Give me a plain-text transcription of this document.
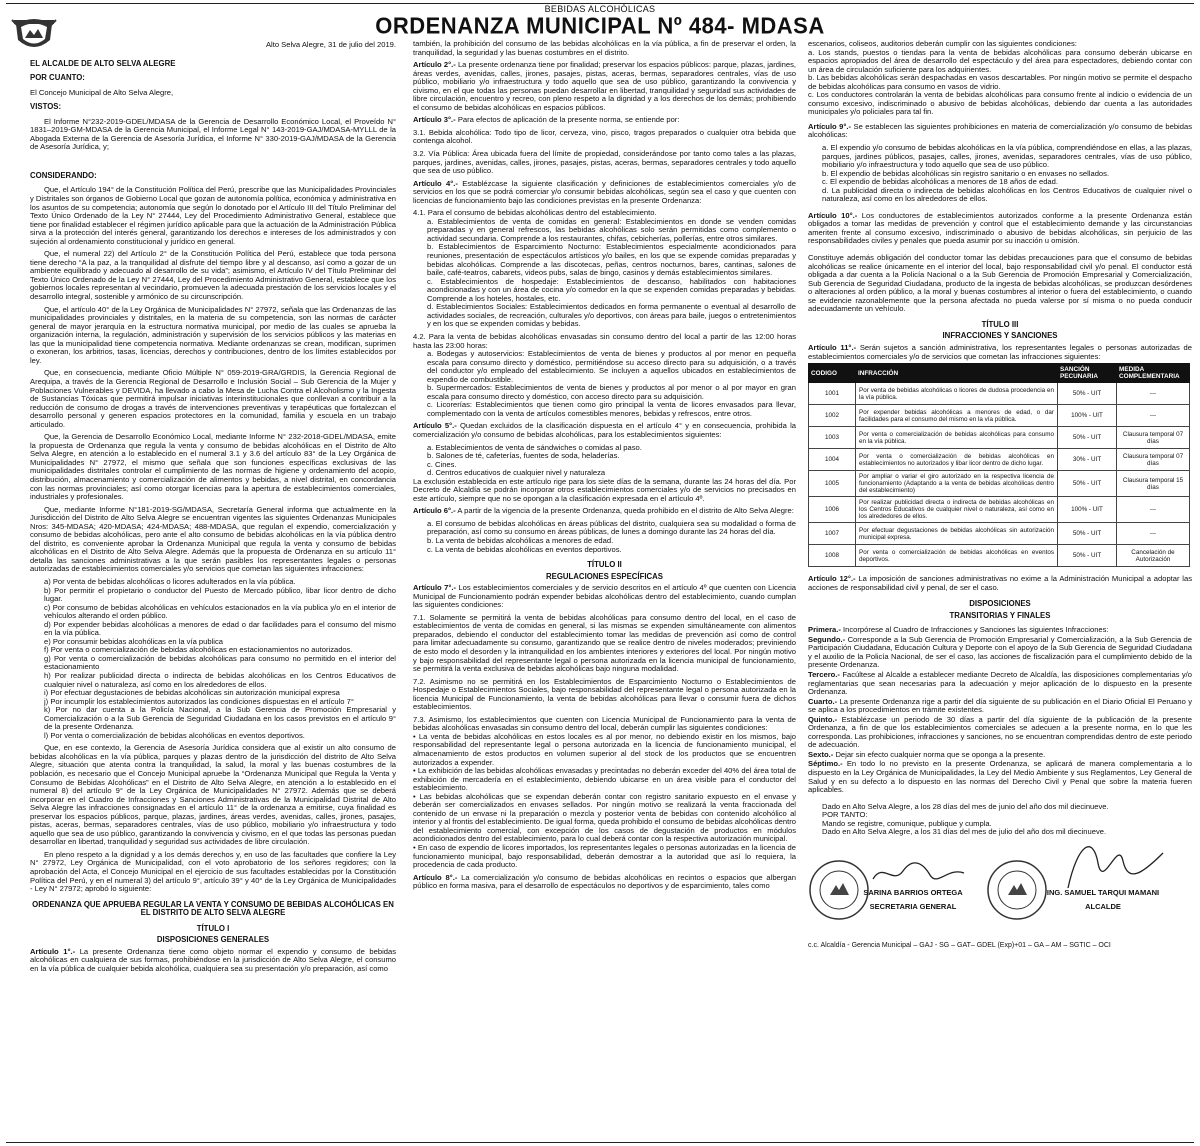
BEBIDAS ALCOHÓLICAS
ORDENANZA MUNICIPAL Nº 484- MDASA
Alto Selva Alegre, 31 de julio del 2019.
EL ALCALDE DE ALTO SELVA ALEGRE
POR CUANTO:

El Concejo Municipal de Alto Selva Alegre,

VISTOS:

El Informe N°232-2019-GDEL/MDASA de la Gerencia de Desarrollo Económico Local, el Proveído N° 1831–2019-GM-MDASA de la Gerencia Municipal, el Informe Legal N° 143-2019-GAJ/MDASA-MYLLL de la Abogada Externa de la Gerencia de Asesoría Jurídica, el Informe N° 330-2019-GAJ/MDASA de la Gerencia de Asesoría Jurídica, y;

CONSIDERANDO:

Que, el Artículo 194° de la Constitución Política del Perú, prescribe que las Municipalidades Provinciales y Distritales son órganos de Gobierno Local que gozan de autonomía política, económica y administrativa en los asuntos de su competencia; autonomía que según lo donotado por el Artículo III del Título Preliminar del Texto Único Ordenado de la Ley N° 27444, Ley del Procedimiento Administrativo General, establece que tiene por finalidad establecer el régimen jurídico aplicable para que la actuación de la Administración Pública sirva a la protección del interés general, garantizando los derechos e intereses de los administrados y con sujeción al ordenamiento constitucional y jurídico en general.

Que, el numeral 22) del Artículo 2° de la Constitución Política del Perú, establece que toda persona tiene derecho “A la paz, a la tranquilidad al disfrute del tiempo libre y al descanso, así como a gozar de un ambiente equilibrado y adecuado al desarrollo de su vida”; asimismo, el Artículo IV del Título Preliminar del Texto Único Ordenado de la Ley N° 27444, Ley del Procedimiento Administrativo General, establece que los gobiernos locales representan al vecindario, promueven la adecuada prestación de los servicios locales y el desarrollo integral, sostenible y armónico de su circunscripción.

Que, el artículo 40° de la Ley Orgánica de Municipalidades N° 27972, señala que las Ordenanzas de las municipalidades provinciales y distritales, en la materia de su competencia, son las normas de carácter general de mayor jerarquía en la estructura normativa municipal, por medio de las cuales se aprueba la organización interna, la regulación, administración y supervisión de los servicios públicos y las materias en las que la municipalidad tiene competencia normativa. Mediante ordenanzas se crean, modifican, suprimen o exoneran, los arbitrios, tasas, licencias, derechos y contribuciones, dentro de los límites establecidos por ley.

Que, en consecuencia, mediante Oficio Múltiple N° 059-2019-GRA/GRDIS, la Gerencia Regional de Arequipa, a través de la Gerencia Regional de Desarrollo e Inclusión Social – Sub Gerencia de la Mujer y Poblaciones Vulnerables y DEVIDA, ha llevado a cabo la Mesa de Lucha Contra el Alcoholismo y la Ingesta de Sustancias Tóxicas que permitirá impulsar iniciativas interinstitucionales que conllevan a contribuir a la reducción de consumo de drogas a través de intervenciones preventivas y terapéuticas que fortalezcan el desarrollo personal y generen espacios protectores en la comunidad, familia y escuela en un trabajo articulado.

Que, la Gerencia de Desarrollo Económico Local, mediante Informe N° 232-2018-GDEL/MDASA, emite la propuesta de Ordenanza que regula la venta y consumo de bebidas alcohólicas en el Distrito de Alto Selva Alegre, en atención a lo establecido en el numeral 3.1 y 3.6 del artículo 83° de la Ley Orgánica de Municipalidades N° 27972, el mismo que señala que son funciones específicas exclusivas de las municipalidades distritales controlar el cumplimiento de las normas de higiene y ordenamiento del acopio, distribución, almacenamiento y comercialización de alimentos y bebidas, a nivel distrital, en concordancia con las normas provinciales; así como otorgar licencias para la apertura de establecimientos comerciales, industriales y profesionales.

Que, mediante Informe N°181-2019-SG/MDASA, Secretaría General informa que actualmente en la Jurisdicción del Distrito de Alto Selva Alegre se encuentran vigentes las siguientes Ordenanzas Municipales Nros: 345-MDASA; 420-MDASA; 424-MDASA; 488-MDASA, que regulan el expendio, comercialización y consumo de bebidas alcohólicas, pero ante el alto consumo de bebidas alcohólicas en la vía pública dentro del distrito, es conveniente aprobar la Ordenanza Municipal que regula la venta y consumo de bebidas alcohólicas en el Distrito de Alto Selva Alegre. Además que la propuesta de Ordenanza en su artículo 11° detalla las sanciones administrativas a la que serán pasibles los representantes legales o personas autorizadas de establecimientos comerciales y/o servicios que cometan las siguientes infracciones:

a) Por venta de bebidas alcohólicas o licores adulterados en la vía pública.
b) Por permitir el propietario o conductor del Puesto de Mercado público, libar licor dentro de dicho lugar.
c) Por consumo de bebidas alcohólicas en vehículos estacionados en la vía publica y/o en el interior de vehículos alterando el orden público.
d) Por expender bebidas alcohólicas a menores de edad o dar facilidades para el consumo del mismo en la vía pública.
e) Por consumir bebidas alcohólicas en la vía publica
f) Por venta o comercialización de bebidas alcohólicas en estacionamientos no autorizados.
g) Por venta o comercialización de bebidas alcohólicas para consumo no permitido en el interior del estacionamiento
h) Por realizar publicidad directa o indirecta de bebidas alcohólicas en los Centros Educativos de cualquier nivel o naturaleza, así como en los alrededores de ellos.
i) Por efectuar degustaciones de bebidas alcohólicas sin autorización municipal expresa
j) Por incumplir los establecimientos autorizados las condiciones dispuestas en el artículo 7°
k) Por no dar cuenta a la Policía Nacional, a la Sub Gerencia de Promoción Empresarial y Comercialización o a la Sub Gerencia de Seguridad Ciudadana en los casos previstos en el artículo 9° de la presente Ordenanza.
l) Por venta o comercialización de bebidas alcohólicas en eventos deportivos.

Que, en ese contexto, la Gerencia de Asesoría Jurídica considera que al existir un alto consumo de bebidas alcohólicas en la vía pública, parques y plazas dentro de la jurisdicción del distrito de Alto Selva Alegre, situación que atenta contra la tranquilidad, la salud, la moral y las buenas costumbres de la población, es necesario que el Concejo Municipal apruebe la “Ordenanza Municipal que Regula la Venta y Consumo de Bebidas Alcohólicas” en el Distrito de Alto Selva Alegre, en atención a lo establecido en el numeral 8) del artículo 9° de la Ley Orgánica de Municipalidades N° 27972. Además que se deberá incorporar en el Cuadro de Infracciones y Sanciones Administrativas de la Municipalidad Distrital de Alto Selva Alegre las infracciones consignadas en el artículo 11° de la ordenanza a emitirse, cuya finalidad es preservar los espacios públicos, parque, plazas, jardines, áreas verdes, avenidas, calles, jirones, pasajes, pistas, aceras, bermas, separadores centrales, vías de uso público, mobiliario y/o infraestructura y todo aquello que sea de uso público, garantizando la convivencia y civismo, en el que todas las personas puedan desarrollar en libertad, tranquilidad y seguridad sus actividades de libre circulación.

En pleno respeto a la dignidad y a los demás derechos y, en uso de las facultades que confiere la Ley N° 27972, Ley Orgánica de Municipalidad, con el voto aprobatorio de los señores regidores; con la aprobación del Acta, el Concejo Municipal en el ejercicio de sus facultades establecidas por la Constitución Política del Perú, y en el numeral 3) del artículo 9°, artículo 39° y 40° de la Ley Orgánica de Municipalidades - Ley N° 27972; aprobó lo siguiente:

ORDENANZA QUE APRUEBA REGULAR LA VENTA Y CONSUMO DE BEBIDAS ALCOHÓLICAS EN EL DISTRITO DE ALTO SELVA ALEGRE
TÍTULO I
DISPOSICIONES GENERALES

Artículo 1°.- La presente Ordenanza tiene como objeto normar el expendio y consumo de bebidas alcohólicas en cualquiera de sus formas, prohibiéndose en la jurisdicción de Alto Selva Alegre, el consumo en la vía pública de cualquier bebida alcohólica, cualquiera sea su presentación y/o preparación, así como

también, la prohibición del consumo de las bebidas alcohólicas en la vía pública, a fin de preservar el orden, la tranquilidad, la seguridad y las buenas costumbres en el distrito.

Artículo 2°.- La presente ordenanza tiene por finalidad; preservar los espacios públicos: parque, plazas, jardines, áreas verdes, avenidas, calles, jirones, pasajes, pistas, aceras, bermas, separadores centrales, vías de uso público, mobiliario y/o infraestructura y todo aquello que sea de uso público, garantizando la convivencia y civismo, en el que todas las personas puedan desarrollar en libertad, tranquilidad y seguridad sus actividades de libre circulación, encuentro y recreo, con pleno respeto a la dignidad y a los derechos de los demás; prohibiendo el consumo de bebidas alcohólicas en espacios públicos.

Artículo 3°.- Para efectos de aplicación de la presente norma, se entiende por:

3.1. Bebida alcohólica: Todo tipo de licor, cerveza, vino, pisco, tragos preparados o cualquier otra bebida que contenga alcohol.

3.2. Vía Pública: Área ubicada fuera del límite de propiedad, considerándose por tanto como tales a las plazas, parques, jardines, avenidas, calles, jirones, pasajes, pistas, aceras, bermas, separadores centrales y todo aquello que sea de uso público.

Artículo 4°.- Establézcase la siguiente clasificación y definiciones de establecimientos comerciales y/o de servicios en los que se podrá comerciar y/o consumir bebidas alcohólicas, según sea el caso y que cuenten con licencias de funcionamiento bajo las condiciones previstas en la presente Ordenanza:

4.1. Para el consumo de bebidas alcohólicas dentro del establecimiento.

a. Establecimientos de venta de comidas en general: Establecimientos en donde se venden comidas preparadas y en general refrescos, las bebidas alcohólicas solo serán permitidas como complemento o actividad secundaria. Comprende a los restaurantes, chifas, cebicherías, pollerías, entre otros similares.
b. Establecimientos de Esparcimiento Nocturno: Establecimientos especialmente acondicionados para reuniones, presentación de espectáculos artísticos y/o bailes, en los que se expende comidas preparadas y bebidas alcohólicas. Comprende a las discotecas, peñas, centros nocturnos, bares, cantinas, salones de baile, café-teatros, cabarets, videos pubs, salas de bingo, casinos y demás establecimientos similares.
c. Establecimientos de hospedaje: Establecimientos de descanso, habilitados con habitaciones acondicionadas y con un área de cocina y/o comedor en la que se expenden comidas preparadas y bebidas. Comprende a los hoteles, hostales, etc.
d. Establecimientos Sociales: Establecimientos dedicados en forma permanente o eventual al desarrollo de actividades sociales, de recreación, culturales y/o deportivos, con áreas para baile, juegos o entretenimientos y en los que se expenden comidas y bebidas.

4.2. Para la venta de bebidas alcohólicas envasadas sin consumo dentro del local a partir de las 12:00 horas hasta las 23:00 horas:

a. Bodegas y autoservicios: Establecimientos de venta de bienes y productos al por menor en pequeña escala para consumo directo y doméstico, permitiéndose su acceso directo para su adquisición, o a través del conductor y/o empleado del establecimiento. Se incluyen a aquellos ubicados en establecimientos de expendio de combustible.
b. Supermercados: Establecimientos de venta de bienes y productos al por menor o al por mayor en gran escala para consumo directo y doméstico, con acceso directo para su adquisición.
c. Licorerías: Establecimientos que tienen como giro principal la venta de licores envasados para llevar, complementado con la venta de artículos comestibles menores, bebidas y refrescos, entre otros.

Artículo 5°.- Quedan excluidos de la clasificación dispuesta en el artículo 4° y en consecuencia, prohibida la comercialización y/o consumo de bebidas alcohólicas, para los establecimientos siguientes:

a. Establecimientos de venta de sándwiches o comidas al paso.
b. Salones de té, cafeterías, fuentes de soda, heladerías.
c. Cines.
d. Centros educativos de cualquier nivel y naturaleza

La exclusión establecida en este artículo rige para los siete días de la semana, durante las 24 horas del día. Por Decreto de Alcaldía se podrán incorporar otros establecimientos comerciales y/o de servicios no precisados en este artículo, siempre que no se opongan a la clasificación expresada en el artículo 4º.

Artículo 6°.- A partir de la vigencia de la presente Ordenanza, queda prohibido en el distrito de Alto Selva Alegre:

a. El consumo de bebidas alcohólicas en áreas públicas del distrito, cualquiera sea su modalidad o forma de preparación, así como su consumo en áreas públicas, de lunes a domingo durante las 24 horas del día.
b. La venta de bebidas alcohólicas a menores de edad.
c. La venta de bebidas alcohólicas en eventos deportivos.
TÍTULO II
REGULACIONES ESPECÍFICAS

Artículo 7°.- Los establecimientos comerciales y de servicio descritos en el artículo 4º que cuenten con Licencia Municipal de Funcionamiento podrán expender bebidas alcohólicas dentro del establecimiento, cuando cumplan las siguientes condiciones:

7.1. Solamente se permitirá la venta de bebidas alcohólicas para consumo dentro del local, en el caso de establecimientos de venta de comidas en general, si las mismas se expenden simultáneamente con alimentos preparados, debiendo el conductor del establecimiento tomar las medidas de prevención así como de control para limitar adecuadamente su consumo, garantizando que se realice dentro de niveles moderados; previniendo de esto modo el desorden y la intranquilidad en los ambientes interiores y exteriores del local. Por ningún motivo y bajo responsabilidad del representante legal o persona autorizada en la licencia municipal de funcionamiento, se permitirá la venta exclusiva de bebidas alcohólicas bajo ninguna modalidad.

7.2. Asimismo no se permitirá en los Establecimientos de Esparcimiento Nocturno o Establecimientos de Hospedaje o Establecimientos Sociales, bajo responsabilidad del representante legal o persona autorizada en la licencia Municipal de Funcionamiento, la venta de bebidas alcohólicas para llevar o consumir fuera de dichos establecimientos.

7.3. Asimismo, los establecimientos que cuenten con Licencia Municipal de Funcionamiento para la venta de bebidas alcohólicas envasadas sin consumo dentro del local, deberán cumplir las siguientes condiciones:

• La venta de bebidas alcohólicas en estos locales es al por menor, no debiendo existir en los mismos, bajo responsabilidad del representante legal o persona autorizada en la licencia de funcionamiento municipal, el almacenamiento de estos productos en volumen superior al del stock de los productos que se encuentren autorizados a expender.
• La exhibición de las bebidas alcohólicas envasadas y precintadas no deberán exceder del 40% del área total de exhibición de mercadería en el establecimiento, debiendo ubicarse en un área visible para el conductor del establecimiento.
• Las bebidas alcohólicas que se expendan deberán contar con registro sanitario expuesto en el envase y deberán ser comercializados en envases sellados. Por ningún motivo se realizará la venta fraccionada del contenido de un envase ni la preparación o mezcla y posterior venta de bebidas con contenido alcohólico al interior y al frontis del establecimiento. De igual forma, queda prohibido el consumo de bebidas alcohólicas dentro del establecimiento comercial, con excepción de los casos de degustación de productos en módulos acondicionados dentro del establecimiento, para lo cual deberá contar con la respectiva autorización municipal.
• En caso de expendio de licores importados, los representantes legales o personas autorizadas en la licencia de funcionamiento municipal, bajo responsabilidad, deberán demostrar a la autoridad que así lo requiera, la procedencia de cada producto.

Artículo 8°.- La comercialización y/o consumo de bebidas alcohólicas en recintos o espacios que albergan público en forma masiva, para el desarrollo de espectáculos no deportivos y de esparcimiento, tales como

escenarios, coliseos, auditorios deberán cumplir con las siguientes condiciones:

a. Los stands, puestos o tiendas para la venta de bebidas alcohólicas para consumo deberán ubicarse en espacios apropiados del área de desarrollo del espectáculo y del área para espectadores, debiendo contar con un área de circulación suficiente para los adquirientes.
b. Las bebidas alcohólicas serán despachadas en vasos descartables. Por ningún motivo se permite el despacho de bebidas alcohólicas para consumo en vasos de vidrio.
c. Los conductores controlarán la venta de bebidas alcohólicas para consumo frente al indicio o evidencia de un consumo excesivo, indiscriminado o abusivo de bebidas alcohólicas, debiendo dar cuenta a las autoridades municipales y/o policiales para tal fin.

Artículo 9°.- Se establecen las siguientes prohibiciones en materia de comercialización y/o consumo de bebidas alcohólicas:

a. El expendio y/o consumo de bebidas alcohólicas en la vía pública, comprendiéndose en ellas, a las plazas, parques, jardines públicos, pasajes, calles, jirones, avenidas, separadores centrales, vías de uso público, mobiliario y/o infraestructura y todo aquello que sea de uso público.
b. El expendio de bebidas alcohólicas sin registro sanitario o en envases no sellados.
c. El expendio de bebidas alcohólicas a menores de 18 años de edad.
d. La publicidad directa o indirecta de bebidas alcohólicas en los Centros Educativos de cualquier nivel o naturaleza, así como en los alrededores de ellos.

Artículo 10°.- Los conductores de establecimientos autorizados conforme a la presente Ordenanza están obligados a tomar las medidas de prevención y control que el establecimiento demande y las circunstancias ameriten frente al consumo excesivo, indiscriminado o abusivo de bebidas alcohólicas, sin perjuicio de las responsabilidades civiles y penales que pueda asumir por su inacción u omisión.

Constituye además obligación del conductor tomar las debidas precauciones para que el consumo de bebidas alcohólicas se realice únicamente en el interior del local, bajo responsabilidad civil y/o penal. El conductor está obligada a dar cuenta a la Policía Nacional o a la Sub Gerencia de Promoción Empresarial y Comercialización, Sub Gerencia de Seguridad Ciudadana, producto de la ingesta de bebidas alcohólicas, se produzcan desórdenes o alteraciones al orden público, a la moral y buenas costumbres al interior o fuera del establecimiento, o cuando se evidencie razonablemente que la persona afectada no pueda valerse por sí misma o no pueda conducir adecuadamente un vehículo.

TÍTULO III
INFRACCIONES Y SANCIONES

Artículo 11°.- Serán sujetos a sanción administrativa, los representantes legales o personas autorizadas de establecimientos comerciales y/o de servicios que cometan las infracciones siguientes:

CODIGO	INFRACCIÓN	SANCIÓN PECUNARIA	MEDIDA COMPLEMENTARIA
1001	Por venta de bebidas alcohólicas o licores de dudosa procedencia en la vía pública.	50% - UIT	---
1002	Por expender bebidas alcohólicas a menores de edad, o dar facilidades para el consumo del mismo en la vía pública.	100% - UIT	---
1003	Por venta o comercialización de bebidas alcohólicas para consumo en la vía pública.	50% - UIT	Clausura temporal 07 días
1004	Por venta o comercialización de bebidas alcohólicas en establecimientos no autorizados y libar licor dentro de dicho lugar.	30% - UIT	Clausura temporal 07 días
1005	Por ampliar o variar el giro autorizado en la respectiva licencia de funcionamiento (Adaptando a la venta de bebidas alcohólicas dentro del establecimiento)	50% - UIT	Clausura temporal 15 días
1006	Por realizar publicidad directa o indirecta de bebidas alcohólicas en los Centros Educativos de cualquier nivel o naturaleza, así como en los alrededores de ellos.	100% - UIT	---
1007	Por efectuar degustaciones de bebidas alcohólicas sin autorización municipal expresa.	50% - UIT	---
1008	Por venta o comercialización de bebidas alcohólicas en eventos deportivos.	50% - UIT	Cancelación de Autorización

Artículo 12°.- La imposición de sanciones administrativas no exime a la Administración Municipal a adoptar las acciones de responsabilidad civil y penal, de ser el caso.

DISPOSICIONES
TRANSITORIAS Y FINALES

Primera.- Incorpórese al Cuadro de Infracciones y Sanciones las siguientes Infracciones:

Segundo.- Corresponde a la Sub Gerencia de Promoción Empresarial y Comercialización, a la Sub Gerencia de Participación Ciudadana, Educación Cultura y Deporte con el apoyo de la Sub Gerencia de Seguridad Ciudadana y el auxilio de la Policía Nacional, de ser el caso, las acciones de fiscalización para el cumplimiento debido de la presente Ordenanza.

Tercero.- Facúltese al Alcalde a establecer mediante Decreto de Alcaldía, las disposiciones complementarias y/o reglamentarias que sean necesarias para la adecuación y mejor aplicación de lo dispuesto en la presente Ordenanza.

Cuarto.- La presente Ordenanza rige a partir del día siguiente de su publicación en el Diario Oficial El Peruano y se aplica a los procedimientos en trámite existentes.

Quinto.- Establézcase un periodo de 30 días a partir del día siguiente de la publicación de la presente Ordenanza, a fin de que los establecimientos comerciales se adecuen a la presente norma, en lo que les corresponda. Las prohibiciones, infracciones y sanciones, no se encuentran comprendidas dentro de este periodo de adecuación.

Sexto.- Dejar sin efecto cualquier norma que se oponga a la presente.

Séptimo.- En todo lo no previsto en la presente Ordenanza, se aplicará de manera complementaria a lo dispuesto en la Ley Orgánica de Municipalidades, la Ley del Medio Ambiente y sus Reglamentos, Ley General de Salud y en su defecto a lo dispuesto en las normas del Derecho Civil y Penal que sobre la materia fueren aplicables.

Dado en Alto Selva Alegre, a los 28 días del mes de junio del año dos mil diecinueve.
POR TANTO:
Mando se registre, comunique, publique y cumpla.
Dado en Alto Selva Alegre, a los 31 días del mes de julio del año dos mil diecinueve.
SARINA BARRIOS ORTEGA
SECRETARIA GENERAL
ING. SAMUEL TARQUI MAMANI
ALCALDE
c.c. Alcaldía - Gerencia Municipal – GAJ - SG – GAT– GDEL (Exp)+01 – GA – AM – SGTIC – OCI
